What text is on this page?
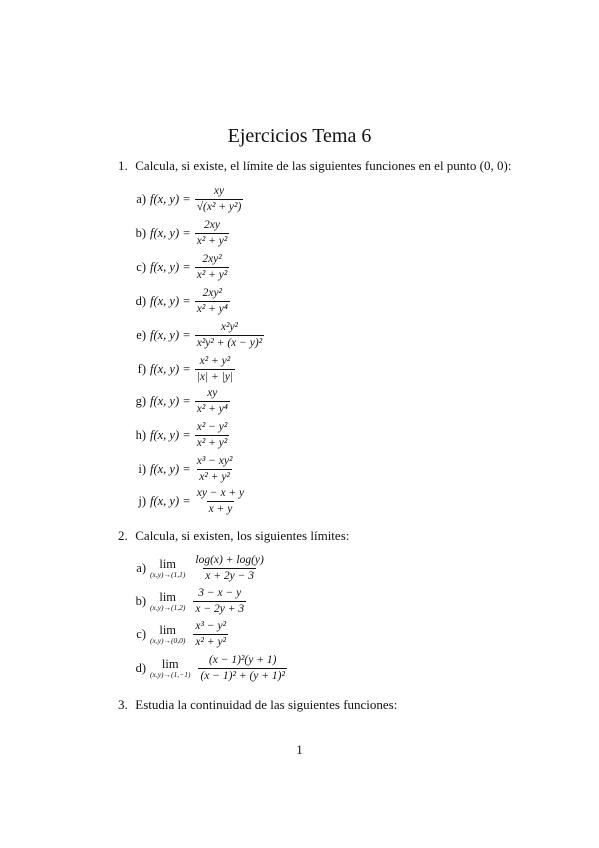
Ejercicios Tema 6
1. Calcula, si existe, el límite de las siguientes funciones en el punto (0, 0):
a) f(x, $y) = \frac{xy}{\text{√(x² + y²)}}$
b) f(x, $y) = \frac{2xy}{\text{x² + y²}}$
c) f(x, $y) = \frac{\text{2xy²}}{\text{x² + y²}}$
d) f(x, $y) = \frac{\text{2xy²}}{\text{x² + y⁴}}$
e) f(x, $y) = \frac{\text{x²y²}}{\text{x²y² + (x − y)²}}$
f) f(x, $y) = \frac{\text{x² + y²}}{|x| + |y|}$
g) f(x, $y) = \frac{xy}{\text{x² + y⁴}}$
h) f(x, $y) = \frac{\text{x² − y²}}{\text{x² + y²}}$
i) f(x, $y) = \frac{\text{x³ − xy²}}{\text{x² + y²}}$
j) f(x, $y) = \frac{xy - x + y}{x + y}$
2. Calcula, si existen, los siguientes límites:
a) lim
$(x,y)\to(1,1) \frac{\log(x) + \log(y)}{x + 2y - 3}$
b) lim
$(x,y)\to(1,2) \frac{3 - x - y}{x - 2y + 3}$
c) lim
$(x,y)\to(0,0) \frac{\text{x³ − y²}}{\text{x² + y²}}$
d) lim
$(x,y)\to(1,-1) \frac{\text{(x − 1)²(y + 1)}}{\text{(x − 1)² + (y + 1)²}}$
3. Estudia la continuidad de las siguientes funciones:
1
